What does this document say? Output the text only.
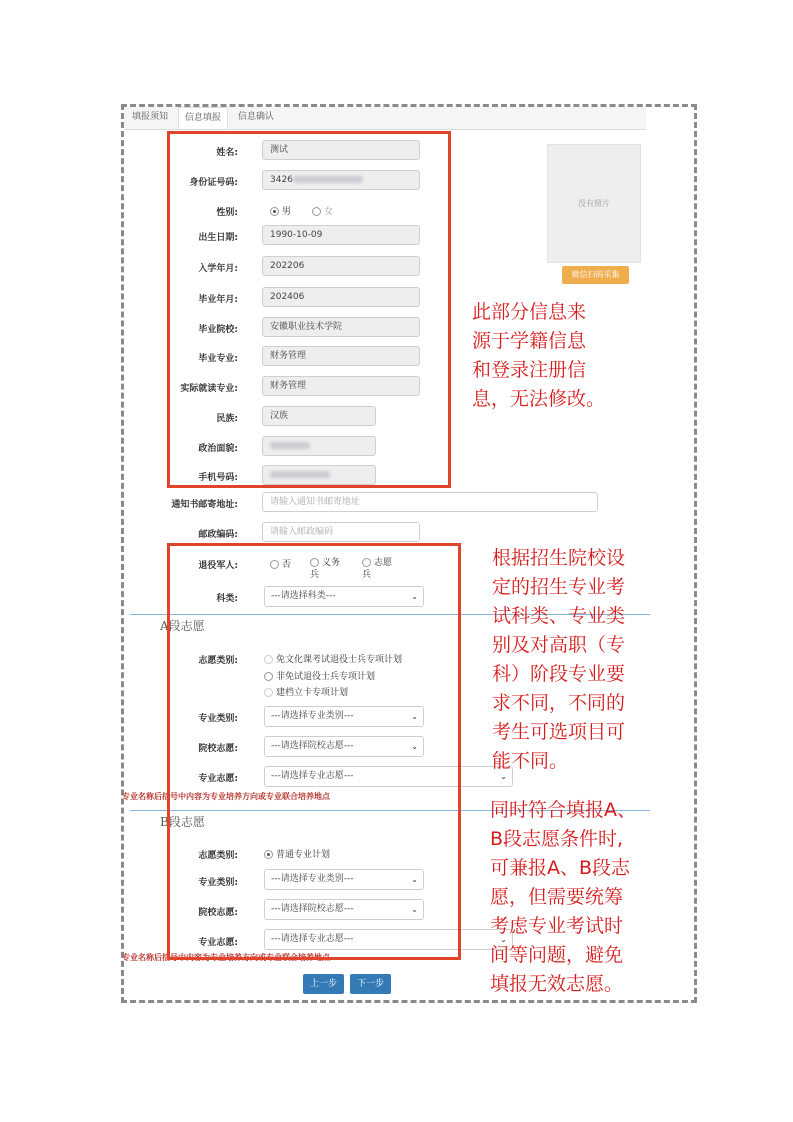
填报须知	信息填报	信息确认
姓名:	测试
身份证号码:	3426
性别:	男	女
出生日期:	1990-10-09
入学年月:	202206
毕业年月:	202406
毕业院校:	安徽职业技术学院
毕业专业:	财务管理
实际就读专业:	财务管理
民族:	汉族
政治面貌:
手机号码:
没有照片
微信扫码采集
通知书邮寄地址:	请输入通知书邮寄地址
邮政编码:	请输入邮政编码
退役军人:	否	义务兵
志愿兵
科类:	---请选择科类---	⌄
A段志愿
志愿类别:	免文化课考试退役士兵专项计划
非免试退役士兵专项计划
建档立卡专项计划
专业类别:	---请选择专业类别---	⌄
院校志愿:	---请选择院校志愿---	⌄
专业志愿:	---请选择专业志愿---	⌄
专业名称后括号中内容为专业培养方向或专业联合培养地点
B段志愿
志愿类别:	普通专业计划
专业类别:	---请选择专业类别---	⌄
院校志愿:	---请选择院校志愿---	⌄
专业志愿:	---请选择专业志愿---	⌄
专业名称后括号中内容为专业培养方向或专业联合培养地点
上一步	下一步
此部分信息来
源于学籍信息
和登录注册信
息，无法修改。
根据招生院校设
定的招生专业考
试科类、专业类
别及对高职（专
科）阶段专业要
求不同，不同的
考生可选项目可
能不同。
同时符合填报A、
B段志愿条件时,
可兼报A、B段志
愿，但需要统筹
考虑专业考试时
间等问题，避免
填报无效志愿。
